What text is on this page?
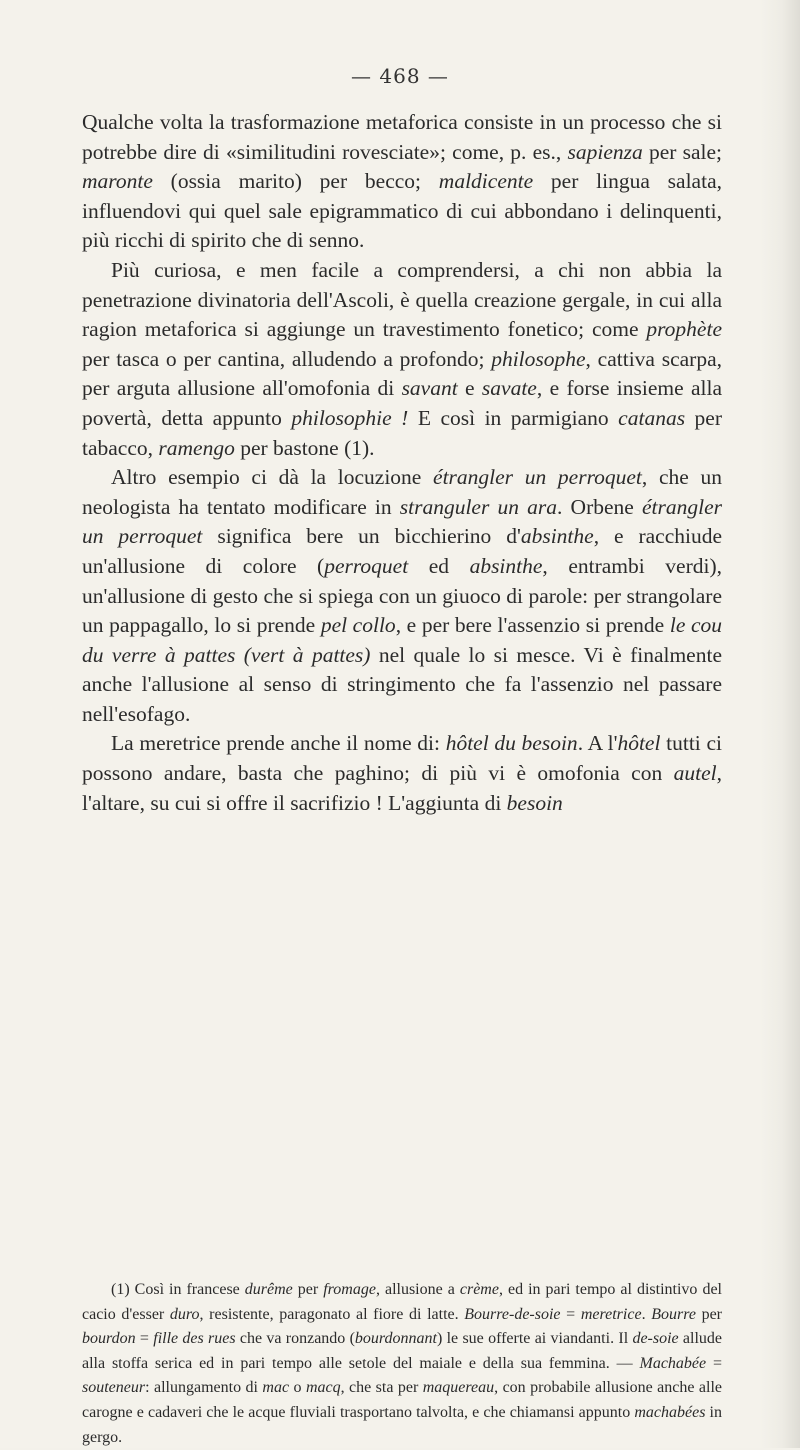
— 468 —

Qualche volta la trasformazione metaforica consiste in un processo che si potrebbe dire di «similitudini rovesciate»; come, p. es., sapienza per sale; maronte (ossia marito) per becco; maldicente per lingua salata, influendovi qui quel sale epigrammatico di cui abbondano i delinquenti, più ricchi di spirito che di senno.

Più curiosa, e men facile a comprendersi, a chi non abbia la penetrazione divinatoria dell'Ascoli, è quella creazione gergale, in cui alla ragion metaforica si aggiunge un travestimento fonetico; come prophète per tasca o per cantina, alludendo a profondo; philosophe, cattiva scarpa, per arguta allusione all'omofonia di savant e savate, e forse insieme alla povertà, detta appunto philosophie ! E così in parmigiano catanas per tabacco, ramengo per bastone (1).

Altro esempio ci dà la locuzione étrangler un perroquet, che un neologista ha tentato modificare in stranguler un ara. Orbene étrangler un perroquet significa bere un bicchierino d'absinthe, e racchiude un'allusione di colore (perroquet ed absinthe, entrambi verdi), un'allusione di gesto che si spiega con un giuoco di parole: per strangolare un pappagallo, lo si prende pel collo, e per bere l'assenzio si prende le cou du verre à pattes (vert à pattes) nel quale lo si mesce. Vi è finalmente anche l'allusione al senso di stringimento che fa l'assenzio nel passare nell'esofago.

La meretrice prende anche il nome di: hôtel du besoin. A l'hôtel tutti ci possono andare, basta che paghino; di più vi è omofonia con autel, l'altare, su cui si offre il sacrifizio ! L'aggiunta di besoin

(1) Così in francese durême per fromage, allusione a crème, ed in pari tempo al distintivo del cacio d'esser duro, resistente, paragonato al fiore di latte. Bourre-de-soie = meretrice. Bourre per bourdon = fille des rues che va ronzando (bourdonnant) le sue offerte ai viandanti. Il de-soie allude alla stoffa serica ed in pari tempo alle setole del maiale e della sua femmina. — Machabée = souteneur: allungamento di mac o macq, che sta per maquereau, con probabile allusione anche alle carogne e cadaveri che le acque fluviali trasportano talvolta, e che chiamansi appunto machabées in gergo.
